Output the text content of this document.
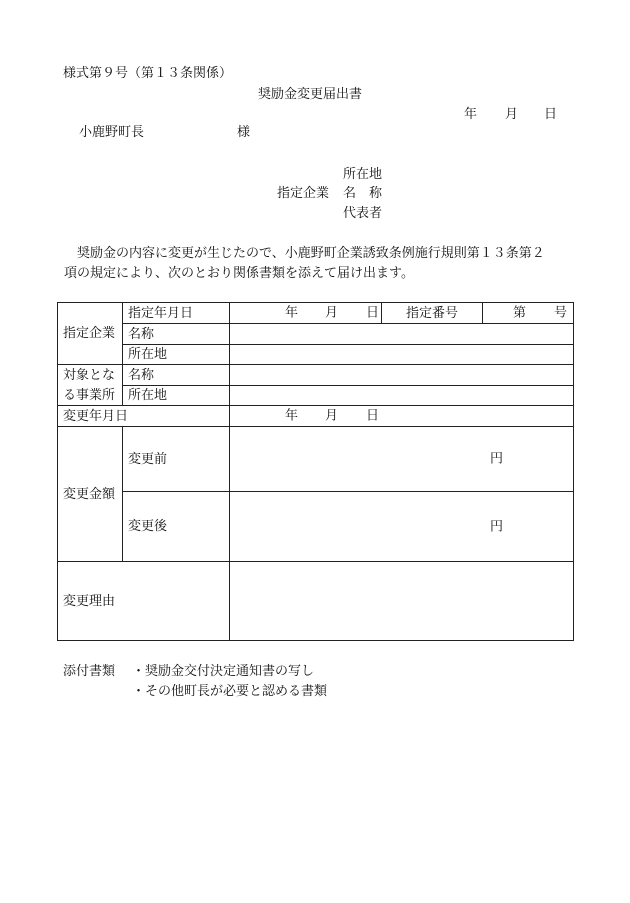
様式第９号（第１３条関係）
奨励金変更届出書
年 月 日
小鹿野町長	様
所在地
指定企業 名　称
代表者
　奨励金の内容に変更が生じたので、小鹿野町企業誘致条例施行規則第１３条第２
項の規定により、次のとおり関係書類を添えて届け出ます。
指定企業	指定年月日	年 月 日	指定番号	第 号

	名称			
	所在地			
対象とな	名称			
る事業所	所在地			
変更年月日		年 月 日		

変更金額	変更前	円		

	変更後	円		

変更理由				
添付書類 ・奨励金交付決定通知書の写し
・その他町長が必要と認める書類
